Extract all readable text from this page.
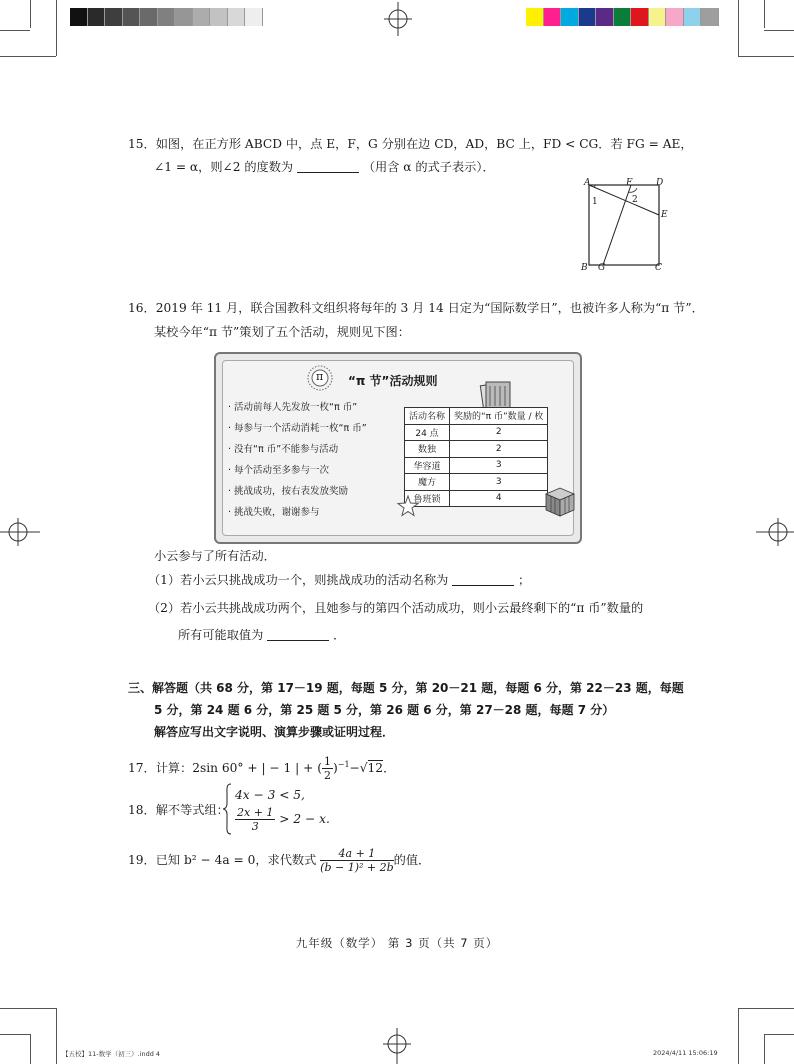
15．如图，在正方形 ABCD 中，点 E，F，G 分别在边 CD，AD，BC 上，FD < CG．若 FG = AE，
∠1 = α，则∠2 的度数为	（用含 α 的式子表示）．
A	F	D
1	2
E
B G	C
16．2019 年 11 月，联合国教科文组织将每年的 3 月 14 日定为“国际数学日”，也被许多人称为“π 节”．
某校今年“π 节”策划了五个活动，规则见下图：
π “π 节”活动规则
· 活动前每人先发放一枚“π 币”
· 每参与一个活动消耗一枚“π 币”
· 没有“π 币”不能参与活动
· 每个活动至多参与一次
· 挑战成功，按右表发放奖励
· 挑战失败，谢谢参与
活动名称	奖励的“π 币”数量 / 枚
24 点	2
数独	2
华容道	3
魔方	3
鲁班锁	4
小云参与了所有活动．
（1）若小云只挑战成功一个，则挑战成功的活动名称为	；
（2）若小云共挑战成功两个，且她参与的第四个活动成功，则小云最终剩下的“π 币”数量的
所有可能取值为	．
三、解答题（共 68 分，第 17－19 题，每题 5 分，第 20－21 题，每题 6 分，第 22－23 题，每题
5 分，第 24 题 6 分，第 25 题 5 分，第 26 题 6 分，第 27－28 题，每题 7 分）
解答应写出文字说明、演算步骤或证明过程．
17．计算：2sin 60° + | − 1 | + ( $\frac{1}{2} )^{-1}-√12$．
18．解不等式组：
4x − 3 < 5,
$\frac{2x + 1}{3} > 2 - x$.
19．已知 b² − 4a = 0，求代数式 $\frac{4a + 1}{\text{(b − 1)² + 2b}}$ 的值．
九年级（数学） 第 3 页（共 7 页）
【五校】11-数学（初三）.indd 4	2024/4/11 15:06:19
